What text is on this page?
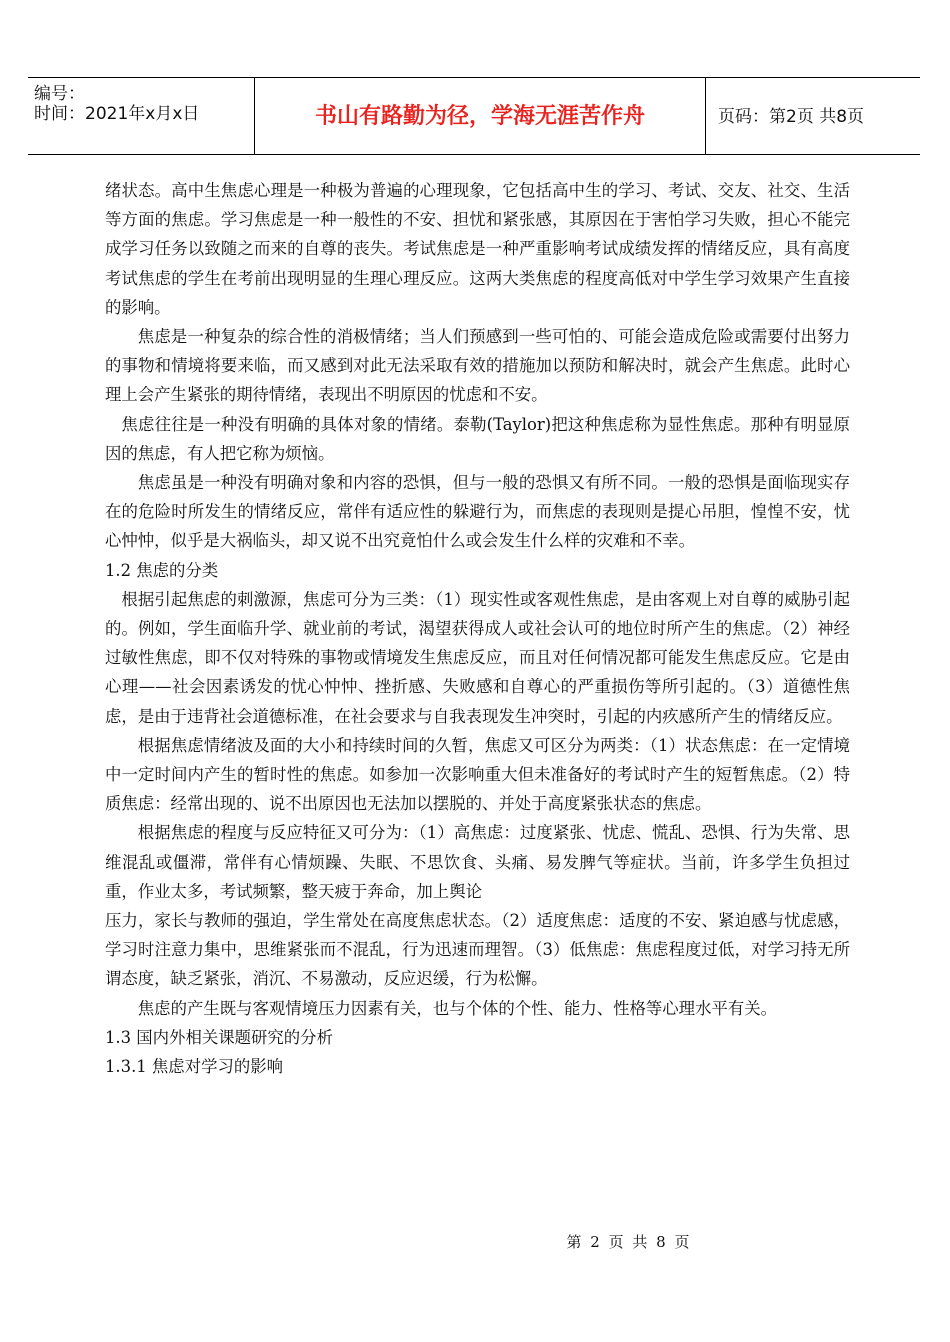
编号：
时间：2021年x月x日	书山有路勤为径，学海无涯苦作舟	页码：第2页 共8页

绪状态。高中生焦虑心理是一种极为普遍的心理现象，它包括高中生的学习、考试、交友、社交、生活等方面的焦虑。学习焦虑是一种一般性的不安、担忧和紧张感，其原因在于害怕学习失败，担心不能完成学习任务以致随之而来的自尊的丧失。考试焦虑是一种严重影响考试成绩发挥的情绪反应，具有高度考试焦虑的学生在考前出现明显的生理心理反应。这两大类焦虑的程度高低对中学生学习效果产生直接的影响。

焦虑是一种复杂的综合性的消极情绪；当人们预感到一些可怕的、可能会造成危险或需要付出努力的事物和情境将要来临，而又感到对此无法采取有效的措施加以预防和解决时，就会产生焦虑。此时心理上会产生紧张的期待情绪，表现出不明原因的忧虑和不安。

焦虑往往是一种没有明确的具体对象的情绪。泰勒(Taylor)把这种焦虑称为显性焦虑。那种有明显原因的焦虑，有人把它称为烦恼。

焦虑虽是一种没有明确对象和内容的恐惧，但与一般的恐惧又有所不同。一般的恐惧是面临现实存在的危险时所发生的情绪反应，常伴有适应性的躲避行为，而焦虑的表现则是提心吊胆，惶惶不安，忧心忡忡，似乎是大祸临头，却又说不出究竟怕什么或会发生什么样的灾难和不幸。

1.2 焦虑的分类

根据引起焦虑的刺激源，焦虑可分为三类：（1）现实性或客观性焦虑，是由客观上对自尊的威胁引起的。例如，学生面临升学、就业前的考试，渴望获得成人或社会认可的地位时所产生的焦虑。（2）神经过敏性焦虑，即不仅对特殊的事物或情境发生焦虑反应，而且对任何情况都可能发生焦虑反应。它是由心理——社会因素诱发的忧心忡忡、挫折感、失败感和自尊心的严重损伤等所引起的。（3）道德性焦虑，是由于违背社会道德标准，在社会要求与自我表现发生冲突时，引起的内疚感所产生的情绪反应。

根据焦虑情绪波及面的大小和持续时间的久暂，焦虑又可区分为两类：（1）状态焦虑：在一定情境中一定时间内产生的暂时性的焦虑。如参加一次影响重大但未准备好的考试时产生的短暂焦虑。（2）特质焦虑：经常出现的、说不出原因也无法加以摆脱的、并处于高度紧张状态的焦虑。

根据焦虑的程度与反应特征又可分为：（1）高焦虑：过度紧张、忧虑、慌乱、恐惧、行为失常、思维混乱或僵滞，常伴有心情烦躁、失眠、不思饮食、头痛、易发脾气等症状。当前，许多学生负担过重，作业太多，考试频繁，整天疲于奔命，加上舆论

压力，家长与教师的强迫，学生常处在高度焦虑状态。（2）适度焦虑：适度的不安、紧迫感与忧虑感，学习时注意力集中，思维紧张而不混乱，行为迅速而理智。（3）低焦虑：焦虑程度过低，对学习持无所谓态度，缺乏紧张，消沉、不易激动，反应迟缓，行为松懈。

焦虑的产生既与客观情境压力因素有关，也与个体的个性、能力、性格等心理水平有关。

1.3 国内外相关课题研究的分析

1.3.1 焦虑对学习的影响

第 2 页 共 8 页
